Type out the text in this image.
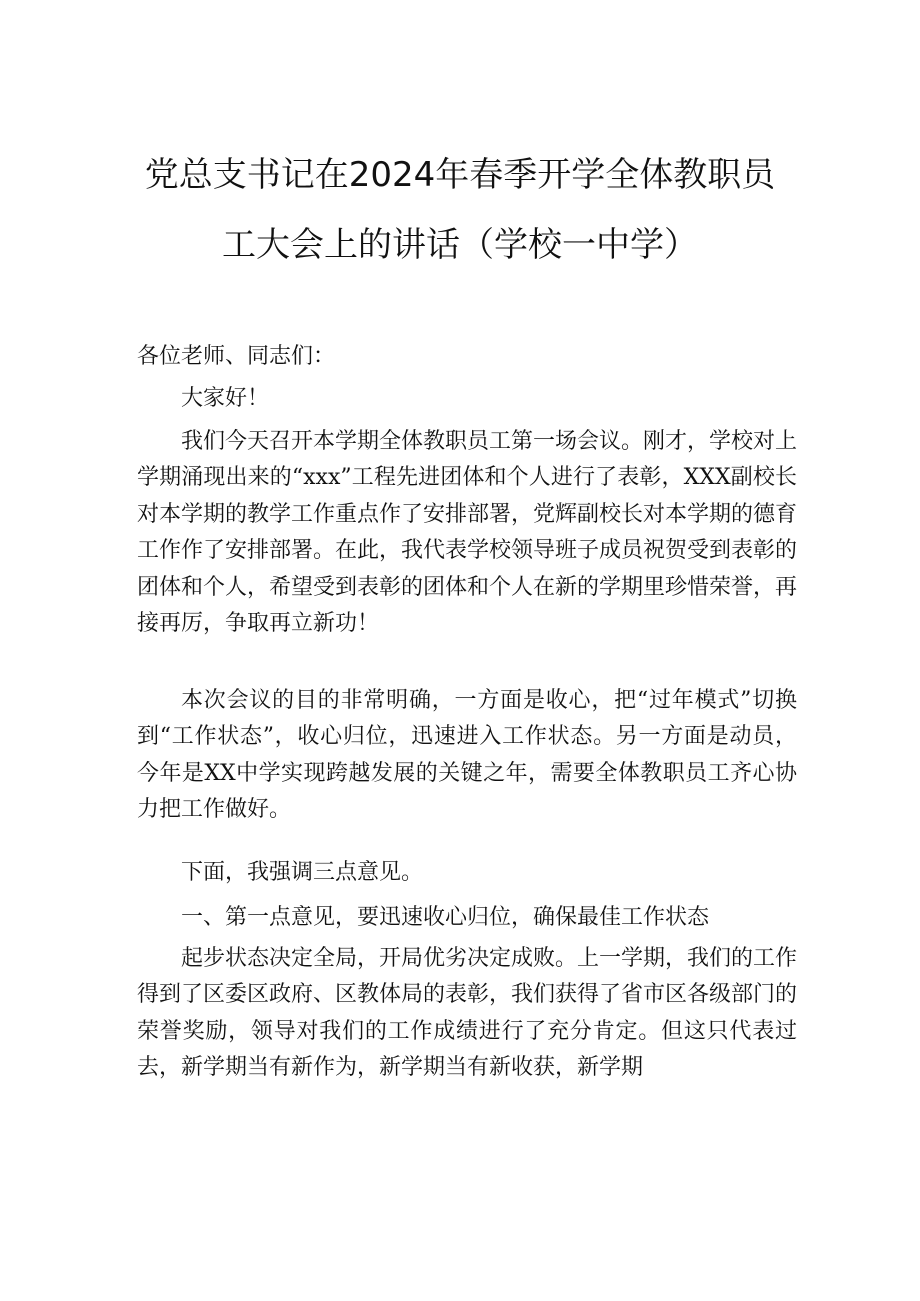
党总支书记在2024年春季开学全体教职员
工大会上的讲话（学校一中学）

各位老师、同志们：

大家好！

我们今天召开本学期全体教职员工第一场会议。刚才，学校对上学期涌现出来的“xxx”工程先进团体和个人进行了表彰，XXX副校长对本学期的教学工作重点作了安排部署，党辉副校长对本学期的德育工作作了安排部署。在此，我代表学校领导班子成员祝贺受到表彰的团体和个人，希望受到表彰的团体和个人在新的学期里珍惜荣誉，再接再厉，争取再立新功！

本次会议的目的非常明确，一方面是收心，把“过年模式”切换到“工作状态”，收心归位，迅速进入工作状态。另一方面是动员，今年是XX中学实现跨越发展的关键之年，需要全体教职员工齐心协力把工作做好。

下面，我强调三点意见。

一、第一点意见，要迅速收心归位，确保最佳工作状态

起步状态决定全局，开局优劣决定成败。上一学期，我们的工作得到了区委区政府、区教体局的表彰，我们获得了省市区各级部门的荣誉奖励，领导对我们的工作成绩进行了充分肯定。但这只代表过去，新学期当有新作为，新学期当有新收获，新学期
